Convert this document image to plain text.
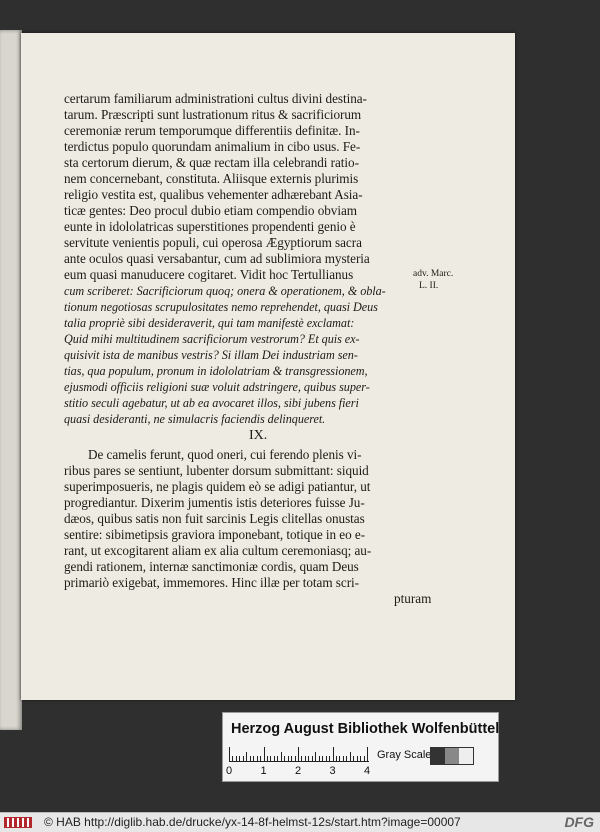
certarum familiarum administrationi cultus divini destina-
tarum. Præscripti sunt lustrationum ritus & sacrificiorum
ceremoniæ rerum temporumque differentiis definitæ. In-
terdictus populo quorundam animalium in cibo usus. Fe-
sta certorum dierum, & quæ rectam illa celebrandi ratio-
nem concernebant, constituta. Aliisque externis plurimis
religio vestita est, qualibus vehementer adhærebant Asia-
ticæ gentes: Deo procul dubio etiam compendio obviam
eunte in idololatricas superstitiones propendenti genio è
servitute venientis populi, cui operosa Ægyptiorum sacra
ante oculos quasi versabantur, cum ad sublimiora mysteria
eum quasi manuducere cogitaret. Vidit hoc Tertullianus
cum scriberet: Sacrificiorum quoq; onera & operationem, & obla-
tionum negotiosas scrupulositates nemo reprehendet, quasi Deus
talia propriè sibi desideraverit, qui tam manifestè exclamat:
Quid mihi multitudinem sacrificiorum vestrorum? Et quis ex-
quisivit ista de manibus vestris? Si illam Dei industriam sen-
tias, qua populum, pronum in idololatriam & transgressionem,
ejusmodi officiis religioni suæ voluit adstringere, quibus super-
stitio seculi agebatur, ut ab ea avocaret illos, sibi jubens fieri
quasi desideranti, ne simulacris faciendis delinqueret.
IX.
De camelis ferunt, quod oneri, cui ferendo plenis vi-
ribus pares se sentiunt, lubenter dorsum submittant: siquid
superimposueris, ne plagis quidem eò se adigi patiantur, ut
progrediantur. Dixerim jumentis istis deteriores fuisse Ju-
dæos, quibus satis non fuit sarcinis Legis clitellas onustas
sentire: sibimetipsis graviora imponebant, totique in eo e-
rant, ut excogitarent aliam ex alia cultum ceremoniasq; au-
gendi rationem, internæ sanctimoniæ cordis, quam Deus
primariò exigebat, immemores. Hinc illæ per totam scri-
pturam
adv. Marc.
L. II.
Herzog August Bibliothek Wolfenbüttel
0	1	2	3	4
Gray Scale
© HAB http://diglib.hab.de/drucke/yx-14-8f-helmst-12s/start.htm?image=00007	DFG
